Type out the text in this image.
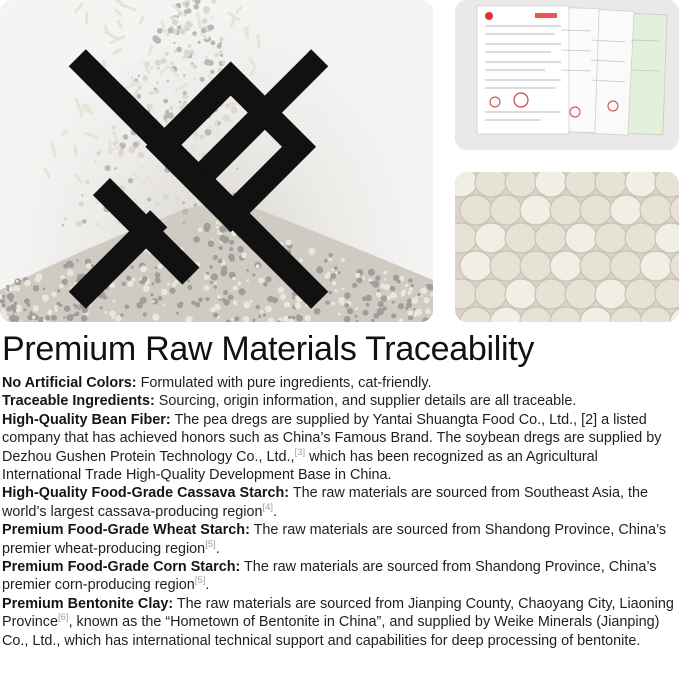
Premium Raw Materials Traceability

No Artificial Colors: Formulated with pure ingredients, cat-friendly.

Traceable Ingredients: Sourcing, origin information, and supplier details are all traceable.

High-Quality Bean Fiber: The pea dregs are supplied by Yantai Shuangta Food Co., Ltd., [2] a listed company that has achieved honors such as China’s Famous Brand. The soybean dregs are supplied by Dezhou Gushen Protein Technology Co., Ltd.,[3] which has been recognized as an Agricultural International Trade High-Quality Development Base in China.

High-Quality Food-Grade Cassava Starch: The raw materials are sourced from Southeast Asia, the world’s largest cassava-producing region[4].

Premium Food-Grade Wheat Starch: The raw materials are sourced from Shandong Province, China’s premier wheat-producing region[5].

Premium Food-Grade Corn Starch: The raw materials are sourced from Shandong Province, China’s premier corn-producing region[5].

Premium Bentonite Clay: The raw materials are sourced from Jianping County, Chaoyang City, Liaoning Province[6], known as the “Hometown of Bentonite in China”, and supplied by Weike Minerals (Jianping) Co., Ltd., which has international technical support and capabilities for deep processing of bentonite.
